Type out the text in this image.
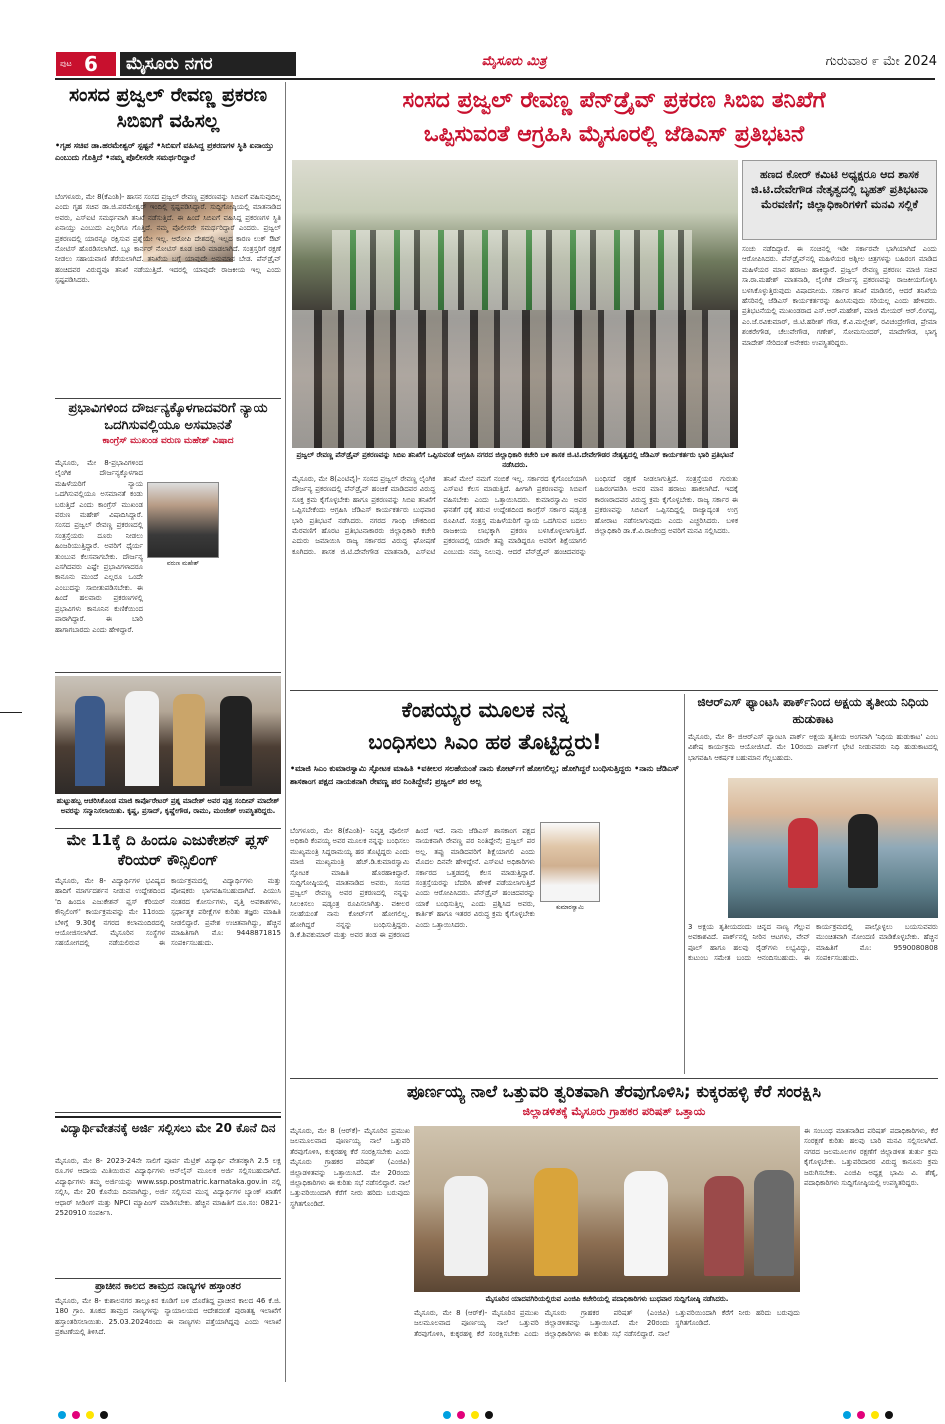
ಪುಟ 6	ಮೈಸೂರು ನಗರ	ಮೈಸೂರು ಮಿತ್ರ	ಗುರುವಾರ ೯ ಮೇ 2024
ಸಂಸದ ಪ್ರಜ್ವಲ್ ರೇವಣ್ಣ ಪ್ರಕರಣ ಸಿಬಿಐಗೆ ವಹಿಸಲ್ಲ
•ಗೃಹ ಸಚಿವ ಡಾ.ಹರಮೇಶ್ವರ್ ಸ್ಪಷ್ಟನೆ •ಸಿಬಿಐಗೆ ವಹಿಸಿದ್ದ ಪ್ರಕರಣಗಳ ಸ್ಥಿತಿ ಏನಾಯ್ತು ಎಂಬುದು ಗೊತ್ತಿದೆ •ನಮ್ಮ ಪೊಲೀಸರೇ ಸಮರ್ಥರಿದ್ದಾರೆ
ಬೆಂಗಳೂರು, ಮೇ 8(ಕೆಎಂಶಿ)- ಹಾಸನ ಸಂಸದ ಪ್ರಜ್ವಲ್ ರೇವಣ್ಣ ಪ್ರಕರಣವನ್ನು ಸಿಬಿಐಗೆ ವಹಿಸುವುದಿಲ್ಲ ಎಂದು ಗೃಹ ಸಚಿವ ಡಾ.ಜಿ.ಪರಮೇಶ್ವರ್ ಇಂದಿಲ್ಲಿ ಸ್ಪಷ್ಟಪಡಿಸಿದ್ದಾರೆ. ಸುದ್ದಿಗೋಷ್ಠಿಯಲ್ಲಿ ಮಾತನಾಡಿದ ಅವರು, ಎಸ್ಐಟಿ ಸಮರ್ಥವಾಗಿ ತನಿಖೆ ನಡೆಸುತ್ತಿದೆ. ಈ ಹಿಂದೆ ಸಿಬಿಐಗೆ ವಹಿಸಿದ್ದ ಪ್ರಕರಣಗಳ ಸ್ಥಿತಿ ಏನಾಯ್ತು ಎಂಬುದು ಎಲ್ಲರಿಗೂ ಗೊತ್ತಿದೆ. ನಮ್ಮ ಪೊಲೀಸರೇ ಸಮರ್ಥರಿದ್ದಾರೆ ಎಂದರು. ಪ್ರಜ್ವಲ್ ಪ್ರಕರಣದಲ್ಲಿ ಯಾರನ್ನೂ ರಕ್ಷಿಸುವ ಪ್ರಶ್ನೆಯೇ ಇಲ್ಲ. ಆರೋಪಿ ದೇಶದಲ್ಲಿ ಇಲ್ಲದ ಕಾರಣ ಲುಕ್ ಔಟ್ ನೋಟಿಸ್ ಹೊರಡಿಸಲಾಗಿದೆ. ಬ್ಲೂ ಕಾರ್ನರ್ ನೋಟಿಸ್ ಕೂಡ ಜಾರಿ ಮಾಡಲಾಗಿದೆ. ಸಂತ್ರಸ್ತರಿಗೆ ರಕ್ಷಣೆ ನೀಡಲು ಸಹಾಯವಾಣಿ ತೆರೆಯಲಾಗಿದೆ. ತನಿಖೆಯ ಬಗ್ಗೆ ಯಾವುದೇ ಅನುಮಾನ ಬೇಡ. ಪೆನ್‌ಡ್ರೈವ್ ಹಂಚಿದವರ ವಿರುದ್ಧವೂ ತನಿಖೆ ನಡೆಯುತ್ತಿದೆ. ಇದರಲ್ಲಿ ಯಾವುದೇ ರಾಜಕೀಯ ಇಲ್ಲ ಎಂದು ಸ್ಪಷ್ಟಪಡಿಸಿದರು.
ಪ್ರಭಾವಿಗಳಿಂದ ದೌರ್ಜನ್ಯಕ್ಕೊಳಗಾದವರಿಗೆ ನ್ಯಾಯ ಒದಗಿಸುವಲ್ಲಿಯೂ ಅಸಮಾನತೆ
ಕಾಂಗ್ರೆಸ್ ಮುಖಂಡ ವರುಣ ಮಹೇಶ್ ವಿಷಾದ
ವರುಣ ಮಹೇಶ್
ಮೈಸೂರು, ಮೇ 8-ಪ್ರಭಾವಿಗಳಿಂದ ಲೈಂಗಿಕ ದೌರ್ಜನ್ಯಕ್ಕೊಳಗಾದ ಮಹಿಳೆಯರಿಗೆ ನ್ಯಾಯ ಒದಗಿಸುವಲ್ಲಿಯೂ ಅಸಮಾನತೆ ಕಂಡು ಬರುತ್ತಿದೆ ಎಂದು ಕಾಂಗ್ರೆಸ್ ಮುಖಂಡ ವರುಣ ಮಹೇಶ್ ವಿಷಾದಿಸಿದ್ದಾರೆ. ಸಂಸದ ಪ್ರಜ್ವಲ್ ರೇವಣ್ಣ ಪ್ರಕರಣದಲ್ಲಿ ಸಂತ್ರಸ್ತೆಯರು ದೂರು ನೀಡಲು ಹಿಂಜರಿಯುತ್ತಿದ್ದಾರೆ. ಅವರಿಗೆ ಧೈರ್ಯ ತುಂಬುವ ಕೆಲಸವಾಗಬೇಕು. ದೌರ್ಜನ್ಯ ಎಸಗಿದವರು ಎಷ್ಟೇ ಪ್ರಭಾವಿಗಳಾದರೂ ಕಾನೂನು ಮುಂದೆ ಎಲ್ಲರೂ ಒಂದೇ ಎಂಬುದನ್ನು ಸಾಬೀತುಪಡಿಸಬೇಕು. ಈ ಹಿಂದೆ ಹಲವಾರು ಪ್ರಕರಣಗಳಲ್ಲಿ ಪ್ರಭಾವಿಗಳು ಕಾನೂನಿನ ಕುಣಿಕೆಯಿಂದ ಪಾರಾಗಿದ್ದಾರೆ. ಈ ಬಾರಿ ಹಾಗಾಗಬಾರದು ಎಂದು ಹೇಳಿದ್ದಾರೆ.
ಹುಟ್ಟುಹಬ್ಬ ಆಚರಿಸಿಕೊಂಡ ಮಾಜಿ ಕಾರ್ಪೊರೇಟರ್ ಪ್ರಶ್ನ ಮಾದೇಶ್ ಅವರ ಪುತ್ರ ಸಂದೀಪ್ ಮಾದೇಶ್ ಅವರನ್ನು ಸನ್ಮಾನಿಸಲಾಯಿತು. ಕೃಷ್ಣ, ಪ್ರಸಾದ್, ಕೃಷ್ಣೇಗೌಡ, ರಾಮು, ಮಂಜೇಶ್ ಉಪಸ್ಥಿತರಿದ್ದರು.
ಮೇ 11ಕ್ಕೆ ದಿ ಹಿಂದೂ ಎಜುಕೇಶನ್ ಪ್ಲಸ್ ಕೆರಿಯರ್ ಕೌನ್ಸಿಲಿಂಗ್
ಮೈಸೂರು, ಮೇ 8- ವಿದ್ಯಾರ್ಥಿಗಳ ಭವಿಷ್ಯದ ಹಾದಿಗೆ ಮಾರ್ಗದರ್ಶನ ನೀಡುವ ಉದ್ದೇಶದಿಂದ 'ದಿ ಹಿಂದೂ ಎಜುಕೇಶನ್ ಪ್ಲಸ್ ಕೆರಿಯರ್ ಕೌನ್ಸಿಲಿಂಗ್' ಕಾರ್ಯಕ್ರಮವನ್ನು ಮೇ 11ರಂದು ಬೆಳಿಗ್ಗೆ 9.30ಕ್ಕೆ ನಗರದ ಕಲಾಮಂದಿರದಲ್ಲಿ ಆಯೋಜಿಸಲಾಗಿದೆ. ಮೈಸೂರಿನ ಸಂಸ್ಥೆಗಳ ಸಹಯೋಗದಲ್ಲಿ ನಡೆಯಲಿರುವ ಈ ಕಾರ್ಯಕ್ರಮದಲ್ಲಿ ವಿದ್ಯಾರ್ಥಿಗಳು ಮತ್ತು ಪೋಷಕರು ಭಾಗವಹಿಸಬಹುದಾಗಿದೆ. ಪಿಯುಸಿ ನಂತರದ ಕೋರ್ಸುಗಳು, ವೃತ್ತಿ ಅವಕಾಶಗಳು, ಸ್ಪರ್ಧಾತ್ಮಕ ಪರೀಕ್ಷೆಗಳ ಕುರಿತು ತಜ್ಞರು ಮಾಹಿತಿ ನೀಡಲಿದ್ದಾರೆ. ಪ್ರವೇಶ ಉಚಿತವಾಗಿದ್ದು, ಹೆಚ್ಚಿನ ಮಾಹಿತಿಗಾಗಿ ಮೊ: 9448871815 ಸಂಪರ್ಕಿಸಬಹುದು.
ವಿದ್ಯಾರ್ಥಿವೇತನಕ್ಕೆ ಅರ್ಜಿ ಸಲ್ಲಿಸಲು ಮೇ 20 ಕೊನೆ ದಿನ
ಮೈಸೂರು, ಮೇ 8- 2023-24ನೇ ಸಾಲಿಗೆ ಪೂರ್ವ ಮೆಟ್ರಿಕ್ ವಿದ್ಯಾರ್ಥಿ ವೇತನಕ್ಕಾಗಿ 2.5 ಲಕ್ಷ ರೂ.ಗಳ ಆದಾಯ ಮಿತಿಯಿರುವ ವಿದ್ಯಾರ್ಥಿಗಳು ಆನ್‌ಲೈನ್ ಮೂಲಕ ಅರ್ಜಿ ಸಲ್ಲಿಸಬಹುದಾಗಿದೆ. ವಿದ್ಯಾರ್ಥಿಗಳು ತಮ್ಮ ಅರ್ಜಿಯನ್ನು www.ssp.postmatric.karnataka.gov.in ನಲ್ಲಿ ಸಲ್ಲಿಸಿ, ಮೇ 20 ಕೊನೆಯ ದಿನವಾಗಿದ್ದು, ಅರ್ಜಿ ಸಲ್ಲಿಸುವ ಮುನ್ನ ವಿದ್ಯಾರ್ಥಿಗಳ ಬ್ಯಾಂಕ್ ಖಾತೆಗೆ ಆಧಾರ್ ಸೀಡಿಂಗ್ ಮತ್ತು NPCI ಮ್ಯಾಪಿಂಗ್ ಮಾಡಿಸಬೇಕು. ಹೆಚ್ಚಿನ ಮಾಹಿತಿಗೆ ದೂ.ಸಂ: 0821-2520910 ಸಂಪರ್ಕಿಸಿ.
ಪ್ರಾಚೀನ ಕಾಲದ ತಾಮ್ರದ ನಾಣ್ಯಗಳ ಹಸ್ತಾಂತರ
ಮೈಸೂರು, ಮೇ 8- ಕುಶಾಲನಗರ ತಾಲ್ಲೂಕಿನ ಕೂಡಿಗೆ ಬಳಿ ದೊರೆತಿದ್ದ ಪ್ರಾಚೀನ ಕಾಲದ 46 ಕೆ.ಜಿ. 180 ಗ್ರಾಂ. ತೂಕದ ತಾಮ್ರದ ನಾಣ್ಯಗಳನ್ನು ನ್ಯಾಯಾಲಯದ ಆದೇಶದಂತೆ ಪುರಾತತ್ವ ಇಲಾಖೆಗೆ ಹಸ್ತಾಂತರಿಸಲಾಯಿತು. 25.03.2024ರಂದು ಈ ನಾಣ್ಯಗಳು ಪತ್ತೆಯಾಗಿದ್ದವು ಎಂದು ಇಲಾಖೆ ಪ್ರಕಟಣೆಯಲ್ಲಿ ತಿಳಿಸಿದೆ.
ಸಂಸದ ಪ್ರಜ್ವಲ್ ರೇವಣ್ಣ ಪೆನ್‌ಡ್ರೈವ್ ಪ್ರಕರಣ ಸಿಬಿಐ ತನಿಖೆಗೆ
ಒಪ್ಪಿಸುವಂತೆ ಆಗ್ರಹಿಸಿ ಮೈಸೂರಲ್ಲಿ ಜೆಡಿಎಸ್ ಪ್ರತಿಭಟನೆ
ಪ್ರಜ್ವಲ್ ರೇವಣ್ಣ ಪೆನ್‌ಡ್ರೈವ್ ಪ್ರಕರಣವನ್ನು ಸಿಬಿಐ ತನಿಖೆಗೆ ಒಪ್ಪಿಸುವಂತೆ ಆಗ್ರಹಿಸಿ ನಗರದ ಜಿಲ್ಲಾಧಿಕಾರಿ ಕಚೇರಿ ಬಳಿ ಶಾಸಕ ಜಿ.ಟಿ.ದೇವೇಗೌಡರ ನೇತೃತ್ವದಲ್ಲಿ ಜೆಡಿಎಸ್ ಕಾರ್ಯಕರ್ತರು ಭಾರಿ ಪ್ರತಿಭಟನೆ ನಡೆಸಿದರು.
ಹಣದ ಕೋರ್ ಕಮಿಟಿ ಅಧ್ಯಕ್ಷರೂ ಆದ ಶಾಸಕ ಜಿ.ಟಿ.ದೇವೇಗೌಡ ನೇತೃತ್ವದಲ್ಲಿ ಬೃಹತ್ ಪ್ರತಿಭಟನಾ ಮೆರವಣಿಗೆ; ಜಿಲ್ಲಾಧಿಕಾರಿಗಳಿಗೆ ಮನವಿ ಸಲ್ಲಿಕೆ
ಸಂಚು ನಡೆದಿದ್ದಾರೆ. ಈ ಸಂಚಿನಲ್ಲಿ ಇಡೀ ಸರ್ಕಾರವೇ ಭಾಗಿಯಾಗಿದೆ ಎಂದು ಆರೋಪಿಸಿದರು. ಪೆನ್‌ಡ್ರೈವ್‌ನಲ್ಲಿ ಮಹಿಳೆಯರ ಅಶ್ಲೀಲ ಚಿತ್ರಗಳನ್ನು ಬಹಿರಂಗ ಮಾಡಿದ ಮಹಿಳೆಯರ ಮಾನ ಹರಾಜು ಹಾಕಿದ್ದಾರೆ. ಪ್ರಜ್ವಲ್ ರೇವಣ್ಣ ಪ್ರಕರಣ: ಮಾಜಿ ಸಚಿವ ಸಾ.ರಾ.ಮಹೇಶ್ ಮಾತನಾಡಿ, ಲೈಂಗಿಕ ದೌರ್ಜನ್ಯ ಪ್ರಕರಣವನ್ನು ರಾಜಕೀಯಗೊಳ್ಳಿಸಿ ಬಳಸಿಕೊಳ್ಳುತ್ತಿರುವುದು ವಿಷಾದನೀಯ. ಸರ್ಕಾರ ತನಿಖೆ ಮಾಡಿಸಲಿ, ಆದರೆ ತನಿಖೆಯ ಹೆಸರಿನಲ್ಲಿ ಜೆಡಿಎಸ್ ಕಾರ್ಯಕರ್ತರನ್ನು ಹಿಂಸಿಸುವುದು ಸರಿಯಲ್ಲ ಎಂದು ಹೇಳಿದರು. ಪ್ರತಿಭಟನೆಯಲ್ಲಿ ಮುಖಂಡರಾದ ಎಸ್.ಆರ್.ಮಹೇಶ್, ಮಾಜಿ ಮೇಯರ್ ಆರ್.ಲಿಂಗಪ್ಪ, ಎಂ.ಜೆ.ರವಿಕುಮಾರ್, ಜಿ.ಟಿ.ಹರೀಶ್ ಗೌಡ, ಕೆ.ವಿ.ಮಲ್ಲೇಶ್, ರವಿಚಂದ್ರೇಗೌಡ, ಪ್ರೇಮಾ ಶಂಕರೇಗೌಡ, ಚೆಲುವೇಗೌಡ, ಗಣೇಶ್, ಸೋಮಸುಂದರ್, ಮಾದೇಗೌಡ, ಭಾಗ್ಯ ಮಾದೇಶ್ ಸೇರಿದಂತೆ ಅನೇಕರು ಉಪಸ್ಥಿತರಿದ್ದರು.
ಮೈಸೂರು, ಮೇ 8(ಎಂಟಿವೈ)- ಸಂಸದ ಪ್ರಜ್ವಲ್ ರೇವಣ್ಣ ಲೈಂಗಿಕ ದೌರ್ಜನ್ಯ ಪ್ರಕರಣದಲ್ಲಿ ಪೆನ್‌ಡ್ರೈವ್ ಹಂಚಿಕೆ ಮಾಡಿದವರ ವಿರುದ್ಧ ಸೂಕ್ತ ಕ್ರಮ ಕೈಗೊಳ್ಳಬೇಕು ಹಾಗೂ ಪ್ರಕರಣವನ್ನು ಸಿಬಿಐ ತನಿಖೆಗೆ ಒಪ್ಪಿಸಬೇಕೆಂದು ಆಗ್ರಹಿಸಿ ಜೆಡಿಎಸ್ ಕಾರ್ಯಕರ್ತರು ಬುಧವಾರ ಭಾರಿ ಪ್ರತಿಭಟನೆ ನಡೆಸಿದರು. ನಗರದ ಗಾಂಧಿ ಚೌಕದಿಂದ ಮೆರವಣಿಗೆ ಹೊರಟ ಪ್ರತಿಭಟನಾಕಾರರು ಜಿಲ್ಲಾಧಿಕಾರಿ ಕಚೇರಿ ಎದುರು ಜಮಾಯಿಸಿ ರಾಜ್ಯ ಸರ್ಕಾರದ ವಿರುದ್ಧ ಘೋಷಣೆ ಕೂಗಿದರು. ಶಾಸಕ ಜಿ.ಟಿ.ದೇವೇಗೌಡ ಮಾತನಾಡಿ, ಎಸ್ಐಟಿ ತನಿಖೆ ಮೇಲೆ ನಮಗೆ ನಂಬಿಕೆ ಇಲ್ಲ. ಸರ್ಕಾರದ ಕೈಗೊಂಬೆಯಾಗಿ ಎಸ್ಐಟಿ ಕೆಲಸ ಮಾಡುತ್ತಿದೆ. ಹೀಗಾಗಿ ಪ್ರಕರಣವನ್ನು ಸಿಬಿಐಗೆ ವಹಿಸಬೇಕು ಎಂದು ಒತ್ತಾಯಿಸಿದರು. ಕುಮಾರಸ್ವಾಮಿ ಅವರ ಘನತೆಗೆ ಧಕ್ಕೆ ತರುವ ಉದ್ದೇಶದಿಂದ ಕಾಂಗ್ರೆಸ್ ಸರ್ಕಾರ ಷಡ್ಯಂತ್ರ ರೂಪಿಸಿದೆ. ಸಂತ್ರಸ್ತ ಮಹಿಳೆಯರಿಗೆ ನ್ಯಾಯ ಒದಗಿಸುವ ಬದಲು ರಾಜಕೀಯ ಲಾಭಕ್ಕಾಗಿ ಪ್ರಕರಣ ಬಳಸಿಕೊಳ್ಳಲಾಗುತ್ತಿದೆ. ಪ್ರಕರಣದಲ್ಲಿ ಯಾರೇ ತಪ್ಪು ಮಾಡಿದ್ದರೂ ಅವರಿಗೆ ಶಿಕ್ಷೆಯಾಗಲಿ ಎಂಬುದು ನಮ್ಮ ನಿಲುವು. ಆದರೆ ಪೆನ್‌ಡ್ರೈವ್ ಹಂಚಿದವರನ್ನು ಬಂಧಿಸದೆ ರಕ್ಷಣೆ ನೀಡಲಾಗುತ್ತಿದೆ. ಸಂತ್ರಸ್ತೆಯರ ಗುರುತು ಬಹಿರಂಗಪಡಿಸಿ ಅವರ ಮಾನ ಹರಾಜು ಹಾಕಲಾಗಿದೆ. ಇದಕ್ಕೆ ಕಾರಣರಾದವರ ವಿರುದ್ಧ ಕ್ರಮ ಕೈಗೊಳ್ಳಬೇಕು. ರಾಜ್ಯ ಸರ್ಕಾರ ಈ ಪ್ರಕರಣವನ್ನು ಸಿಬಿಐಗೆ ಒಪ್ಪಿಸದಿದ್ದಲ್ಲಿ ರಾಜ್ಯಾದ್ಯಂತ ಉಗ್ರ ಹೋರಾಟ ನಡೆಸಲಾಗುವುದು ಎಂದು ಎಚ್ಚರಿಸಿದರು. ಬಳಿಕ ಜಿಲ್ಲಾಧಿಕಾರಿ ಡಾ.ಕೆ.ವಿ.ರಾಜೇಂದ್ರ ಅವರಿಗೆ ಮನವಿ ಸಲ್ಲಿಸಿದರು.
ಕೆಂಪಯ್ಯರ ಮೂಲಕ ನನ್ನ
ಬಂಧಿಸಲು ಸಿಎಂ ಹಠ ತೊಟ್ಟಿದ್ದರು!
•ಮಾಜಿ ಸಿಎಂ ಕುಮಾರಸ್ವಾಮಿ ಸ್ಫೋಟಕ ಮಾಹಿತಿ •ವಕೀಲರ ಸಲಹೆಯಂತೆ ನಾನು ಕೋರ್ಟ್‌ಗೆ ಹೋಗಲಿಲ್ಲ; ಹೋಗಿದ್ದರೆ ಬಂಧಿಸುತ್ತಿದ್ದರು •ನಾನು ಜೆಡಿಎಸ್ ಶಾಸಕಾಂಗ ಪಕ್ಷದ ನಾಯಕನಾಗಿ ರೇವಣ್ಣ ಪರ ನಿಂತಿದ್ದೇನೆ; ಪ್ರಜ್ವಲ್ ಪರ ಅಲ್ಲ
ಕುಮಾರಸ್ವಾಮಿ
ಬೆಂಗಳೂರು, ಮೇ 8(ಕೆಎಂಶಿ)- ನಿವೃತ್ತ ಪೊಲೀಸ್ ಅಧಿಕಾರಿ ಕೆಂಪಯ್ಯ ಅವರ ಮೂಲಕ ನನ್ನನ್ನು ಬಂಧಿಸಲು ಮುಖ್ಯಮಂತ್ರಿ ಸಿದ್ದರಾಮಯ್ಯ ಹಠ ತೊಟ್ಟಿದ್ದರು ಎಂದು ಮಾಜಿ ಮುಖ್ಯಮಂತ್ರಿ ಹೆಚ್.ಡಿ.ಕುಮಾರಸ್ವಾಮಿ ಸ್ಫೋಟಕ ಮಾಹಿತಿ ಹೊರಹಾಕಿದ್ದಾರೆ. ಸುದ್ದಿಗೋಷ್ಠಿಯಲ್ಲಿ ಮಾತನಾಡಿದ ಅವರು, ಸಂಸದ ಪ್ರಜ್ವಲ್ ರೇವಣ್ಣ ಅವರ ಪ್ರಕರಣದಲ್ಲಿ ನನ್ನನ್ನು ಸಿಲುಕಿಸಲು ಷಡ್ಯಂತ್ರ ರೂಪಿಸಲಾಗಿತ್ತು. ವಕೀಲರ ಸಲಹೆಯಂತೆ ನಾನು ಕೋರ್ಟ್‌ಗೆ ಹೋಗಲಿಲ್ಲ. ಹೋಗಿದ್ದರೆ ನನ್ನನ್ನು ಬಂಧಿಸುತ್ತಿದ್ದರು. ಡಿ.ಕೆ.ಶಿವಕುಮಾರ್ ಮತ್ತು ಅವರ ತಂಡ ಈ ಪ್ರಕರಣದ ಹಿಂದೆ ಇದೆ. ನಾನು ಜೆಡಿಎಸ್ ಶಾಸಕಾಂಗ ಪಕ್ಷದ ನಾಯಕನಾಗಿ ರೇವಣ್ಣ ಪರ ನಿಂತಿದ್ದೇನೆ; ಪ್ರಜ್ವಲ್ ಪರ ಅಲ್ಲ. ತಪ್ಪು ಮಾಡಿದವರಿಗೆ ಶಿಕ್ಷೆಯಾಗಲಿ ಎಂದು ಮೊದಲ ದಿನವೇ ಹೇಳಿದ್ದೇನೆ. ಎಸ್ಐಟಿ ಅಧಿಕಾರಿಗಳು ಸರ್ಕಾರದ ಒತ್ತಡದಲ್ಲಿ ಕೆಲಸ ಮಾಡುತ್ತಿದ್ದಾರೆ. ಸಂತ್ರಸ್ತೆಯರನ್ನು ಬೆದರಿಸಿ ಹೇಳಿಕೆ ಪಡೆಯಲಾಗುತ್ತಿದೆ ಎಂದು ಆರೋಪಿಸಿದರು. ಪೆನ್‌ಡ್ರೈವ್ ಹಂಚಿದವರನ್ನು ಯಾಕೆ ಬಂಧಿಸುತ್ತಿಲ್ಲ ಎಂದು ಪ್ರಶ್ನಿಸಿದ ಅವರು, ಕಾರ್ತಿಕ್ ಹಾಗೂ ಇತರರ ವಿರುದ್ಧ ಕ್ರಮ ಕೈಗೊಳ್ಳಬೇಕು ಎಂದು ಒತ್ತಾಯಿಸಿದರು.
ಜಿಆರ್‌ಎಸ್ ಫ್ಯಾಂಟಸಿ ಪಾರ್ಕ್‌ನಿಂದ ಅಕ್ಷಯ ತೃತೀಯ ನಿಧಿಯ ಹುಡುಕಾಟ
ಮೈಸೂರು, ಮೇ 8- ಜಿಆರ್‌ಎಸ್ ಫ್ಯಾಂಟಸಿ ಪಾರ್ಕ್ ಅಕ್ಷಯ ತೃತೀಯ ಅಂಗವಾಗಿ 'ನಿಧಿಯ ಹುಡುಕಾಟ' ಎಂಬ ವಿಶೇಷ ಕಾರ್ಯಕ್ರಮ ಆಯೋಜಿಸಿದೆ. ಮೇ 10ರಂದು ಪಾರ್ಕ್‌ಗೆ ಭೇಟಿ ನೀಡುವವರು ನಿಧಿ ಹುಡುಕಾಟದಲ್ಲಿ ಭಾಗವಹಿಸಿ ಆಕರ್ಷಕ ಬಹುಮಾನ ಗೆಲ್ಲಬಹುದು.
3 ಅಕ್ಷಯ ತೃತೀಯದಂದು ಚಿನ್ನದ ನಾಣ್ಯ ಗೆಲ್ಲುವ ಅವಕಾಶವಿದೆ. ಪಾರ್ಕ್‌ನಲ್ಲಿ ನೀರಿನ ಆಟಗಳು, ವೇವ್ ಪೂಲ್ ಹಾಗೂ ಹಲವು ರೈಡ್‌ಗಳು ಲಭ್ಯವಿದ್ದು, ಕುಟುಂಬ ಸಮೇತ ಬಂದು ಆನಂದಿಸಬಹುದು. ಈ ಕಾರ್ಯಕ್ರಮದಲ್ಲಿ ಪಾಲ್ಗೊಳ್ಳಲು ಬಯಸುವವರು ಮುಂಚಿತವಾಗಿ ನೋಂದಣಿ ಮಾಡಿಕೊಳ್ಳಬೇಕು. ಹೆಚ್ಚಿನ ಮಾಹಿತಿಗೆ ಮೊ: 9590080808 ಸಂಪರ್ಕಿಸಬಹುದು.
ಪೂರ್ಣಯ್ಯ ನಾಲೆ ಒತ್ತುವರಿ ತ್ವರಿತವಾಗಿ ತೆರವುಗೊಳಿಸಿ; ಕುಕ್ಕರಹಳ್ಳಿ ಕೆರೆ ಸಂರಕ್ಷಿಸಿ
ಜಿಲ್ಲಾಡಳಿತಕ್ಕೆ ಮೈಸೂರು ಗ್ರಾಹಕರ ಪರಿಷತ್ ಒತ್ತಾಯ
ಮೈಸೂರು, ಮೇ 8 (ಆರ್‌ಕೆ)- ಮೈಸೂರಿನ ಪ್ರಮುಖ ಜಲಮೂಲವಾದ ಪೂರ್ಣಯ್ಯ ನಾಲೆ ಒತ್ತುವರಿ ತೆರವುಗೊಳಿಸಿ, ಕುಕ್ಕರಹಳ್ಳಿ ಕೆರೆ ಸಂರಕ್ಷಿಸಬೇಕು ಎಂದು ಮೈಸೂರು ಗ್ರಾಹಕರ ಪರಿಷತ್ (ಎಂಜಿಪಿ) ಜಿಲ್ಲಾಡಳಿತವನ್ನು ಒತ್ತಾಯಿಸಿದೆ. ಮೇ 20ರಂದು ಜಿಲ್ಲಾಧಿಕಾರಿಗಳು ಈ ಕುರಿತು ಸಭೆ ನಡೆಸಲಿದ್ದಾರೆ. ನಾಲೆ ಒತ್ತುವರಿಯಿಂದಾಗಿ ಕೆರೆಗೆ ನೀರು ಹರಿದು ಬರುವುದು ಸ್ಥಗಿತಗೊಂಡಿದೆ.
ಮೈಸೂರಿನ ಯಾದವಗಿರಿಯಲ್ಲಿರುವ ಎಂಜಿಪಿ ಕಚೇರಿಯಲ್ಲಿ ಪದಾಧಿಕಾರಿಗಳು ಬುಧವಾರ ಸುದ್ದಿಗೋಷ್ಠಿ ನಡೆಸಿದರು.
ಮೈಸೂರು, ಮೇ 8 (ಆರ್‌ಕೆ)- ಮೈಸೂರಿನ ಪ್ರಮುಖ ಜಲಮೂಲವಾದ ಪೂರ್ಣಯ್ಯ ನಾಲೆ ಒತ್ತುವರಿ ತೆರವುಗೊಳಿಸಿ, ಕುಕ್ಕರಹಳ್ಳಿ ಕೆರೆ ಸಂರಕ್ಷಿಸಬೇಕು ಎಂದು ಮೈಸೂರು ಗ್ರಾಹಕರ ಪರಿಷತ್ (ಎಂಜಿಪಿ) ಜಿಲ್ಲಾಡಳಿತವನ್ನು ಒತ್ತಾಯಿಸಿದೆ. ಮೇ 20ರಂದು ಜಿಲ್ಲಾಧಿಕಾರಿಗಳು ಈ ಕುರಿತು ಸಭೆ ನಡೆಸಲಿದ್ದಾರೆ. ನಾಲೆ ಒತ್ತುವರಿಯಿಂದಾಗಿ ಕೆರೆಗೆ ನೀರು ಹರಿದು ಬರುವುದು ಸ್ಥಗಿತಗೊಂಡಿದೆ.
ಈ ಸಂಬಂಧ ಮಾತನಾಡಿದ ಪರಿಷತ್ ಪದಾಧಿಕಾರಿಗಳು, ಕೆರೆ ಸಂರಕ್ಷಣೆ ಕುರಿತು ಹಲವು ಬಾರಿ ಮನವಿ ಸಲ್ಲಿಸಲಾಗಿದೆ. ನಗರದ ಜಲಮೂಲಗಳ ರಕ್ಷಣೆಗೆ ಜಿಲ್ಲಾಡಳಿತ ತುರ್ತು ಕ್ರಮ ಕೈಗೊಳ್ಳಬೇಕು. ಒತ್ತುವರಿದಾರರ ವಿರುದ್ಧ ಕಾನೂನು ಕ್ರಮ ಜರುಗಿಸಬೇಕು. ಎಂಜಿಪಿ ಅಧ್ಯಕ್ಷ ಭಾಮಿ ವಿ. ಶೆಣೈ, ಪದಾಧಿಕಾರಿಗಳು ಸುದ್ದಿಗೋಷ್ಠಿಯಲ್ಲಿ ಉಪಸ್ಥಿತರಿದ್ದರು.
